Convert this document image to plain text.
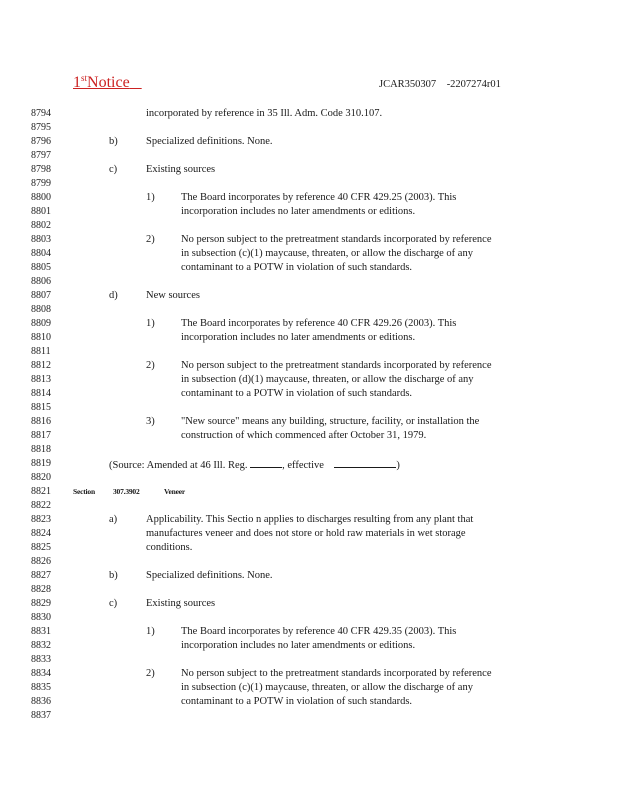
1stNotice	JCAR350307 -2207274r01
8794	incorporated by reference in 35 Ill. Adm. Code 310.107.
8795
8796	b)	Specialized definitions. None.
8797
8798	c)	Existing sources
8799
8800	1)	The Board incorporates by reference 40 CFR 429.25 (2003). This
8801	incorporation includes no later amendments or editions.
8802
8803	2)	No person subject to the pretreatment standards incorporated by reference
8804	in subsection (c)(1) maycause, threaten, or allow the discharge of any
8805	contaminant to a POTW in violation of such standards.
8806
8807	d)	New sources
8808
8809	1)	The Board incorporates by reference 40 CFR 429.26 (2003). This
8810	incorporation includes no later amendments or editions.
8811
8812	2)	No person subject to the pretreatment standards incorporated by reference
8813	in subsection (d)(1) maycause, threaten, or allow the discharge of any
8814	contaminant to a POTW in violation of such standards.
8815
8816	3)	"New source" means any building, structure, facility, or installation the
8817	construction of which commenced after October 31, 1979.
8818
8819	(Source: Amended at 46 Ill. Reg.	, effective	)
8820
8821	Section 307.3902	Veneer
8822
8823	a)	Applicability. This Sectio n applies to discharges resulting from any plant that
8824	manufactures veneer and does not store or hold raw materials in wet storage
8825	conditions.
8826
8827	b)	Specialized definitions. None.
8828
8829	c)	Existing sources
8830
8831	1)	The Board incorporates by reference 40 CFR 429.35 (2003). This
8832	incorporation includes no later amendments or editions.
8833
8834	2)	No person subject to the pretreatment standards incorporated by reference
8835	in subsection (c)(1) maycause, threaten, or allow the discharge of any
8836	contaminant to a POTW in violation of such standards.
8837
